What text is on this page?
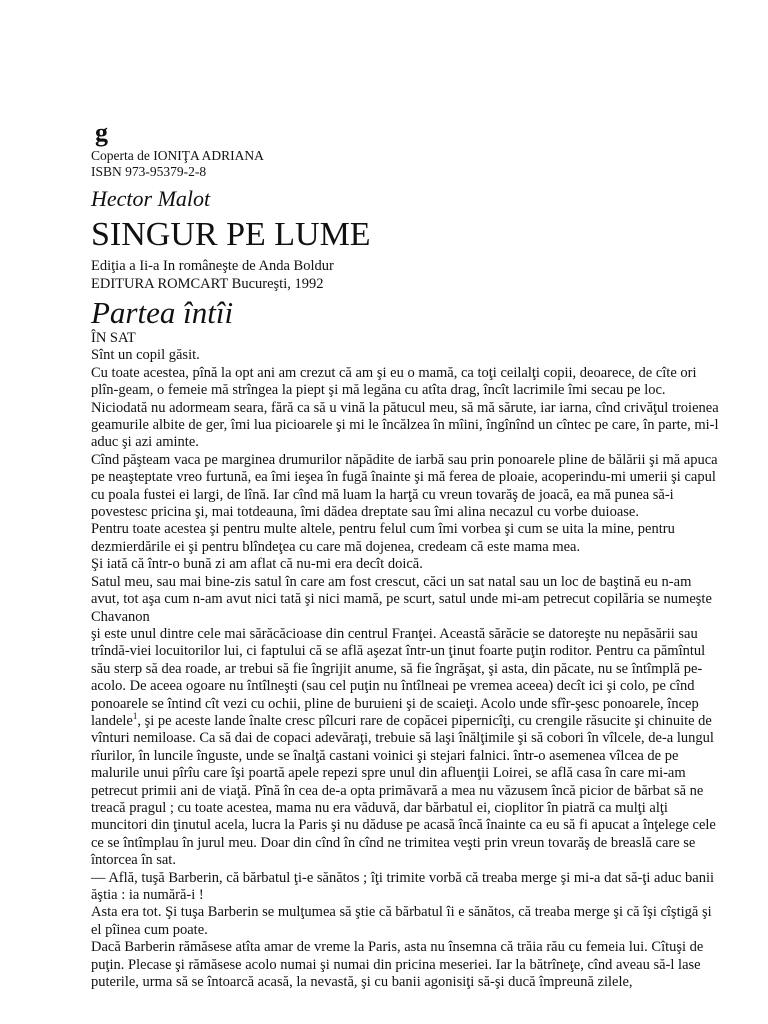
g
Coperta de IONIŢA ADRIANA
ISBN 973-95379-2-8
Hector Malot
SINGUR PE LUME
Ediţia a Ii-a In româneşte de Anda Boldur
EDITURA ROMCART Bucureşti, 1992
Partea întîi

ÎN SAT

Sînt un copil găsit.

Cu toate acestea, pînă la opt ani am crezut că am şi eu o mamă, ca toţi ceilalţi copii, deoarece, de cîte ori plîn-geam, o femeie mă strîngea la piept şi mă legăna cu atîta drag, încît lacrimile îmi secau pe loc. Niciodată nu adormeam seara, fără ca să u vină la pătucul meu, să mă sărute, iar iarna, cînd crivăţul troienea geamurile albite de ger, îmi lua picioarele şi mi le încălzea în mîini, îngînînd un cîntec pe care, în parte, mi-l aduc şi azi aminte.

Cînd păşteam vaca pe marginea drumurilor năpădite de iarbă sau prin ponoarele pline de bălării şi mă apuca pe neaşteptate vreo furtună, ea îmi ieşea în fugă înainte şi mă ferea de ploaie, acoperindu-mi umerii şi capul cu poala fustei ei largi, de lînă. Iar cînd mă luam la harţă cu vreun tovarăş de joacă, ea mă punea să-i povestesc pricina şi, mai totdeauna, îmi dădea dreptate sau îmi alina necazul cu vorbe duioase.

Pentru toate acestea şi pentru multe altele, pentru felul cum îmi vorbea şi cum se uita la mine, pentru dezmierdările ei şi pentru blîndeţea cu care mă dojenea, credeam că este mama mea.

Şi iată că într-o bună zi am aflat că nu-mi era decît doică.

Satul meu, sau mai bine-zis satul în care am fost crescut, căci un sat natal sau un loc de baştină eu n-am avut, tot aşa cum n-am avut nici tată şi nici mamă, pe scurt, satul unde mi-am petrecut copilăria se numeşte Chavanon

şi este unul dintre cele mai sărăcăcioase din centrul Franţei. Această sărăcie se datoreşte nu nepăsării sau trîndă-viei locuitorilor lui, ci faptului că se află aşezat într-un ţinut foarte puţin roditor. Pentru ca pămîntul său sterp să dea roade, ar trebui să fie îngrijit anume, să fie îngrăşat, şi asta, din păcate, nu se întîmplă pe-acolo. De aceea ogoare nu întîlneşti (sau cel puţin nu întîlneai pe vremea aceea) decît ici şi colo, pe cînd ponoarele se întind cît vezi cu ochii, pline de buruieni şi de scaieţi. Acolo unde sfîr-şesc ponoarele, încep landele$^1$, şi pe aceste lande înalte cresc pîlcuri rare de copăcei pipernicîţi, cu crengile răsucite şi chinuite de vînturi nemiloase. Ca să dai de copaci adevăraţi, trebuie să laşi înălţimile şi să cobori în vîlcele, de-a lungul rîurilor, în luncile înguste, unde se înalţă castani voinici şi stejari falnici. într-o asemenea vîlcea de pe malurile unui pîrîu care îşi poartă apele repezi spre unul din afluenţii Loirei, se află casa în care mi-am petrecut primii ani de viaţă. Pînă în cea de-a opta primăvară a mea nu văzusem încă picior de bărbat să ne treacă pragul ; cu toate acestea, mama nu era văduvă, dar bărbatul ei, cioplitor în piatră ca mulţi alţi muncitori din ţinutul acela, lucra la Paris şi nu dăduse pe acasă încă înainte ca eu să fi apucat a înţelege cele ce se întîmplau în jurul meu. Doar din cînd în cînd ne trimitea veşti prin vreun tovarăş de breaslă care se întorcea în sat.

— Află, tuşă Barberin, că bărbatul ţi-e sănătos ; îţi trimite vorbă că treaba merge şi mi-a dat să-ţi aduc banii ăştia : ia numără-i !

Asta era tot. Şi tuşa Barberin se mulţumea să ştie că bărbatul îi e sănătos, că treaba merge şi că îşi cîştigă şi el pîinea cum poate.

Dacă Barberin rămăsese atîta amar de vreme la Paris, asta nu însemna că trăia rău cu femeia lui. Cîtuşi de puţin. Plecase şi rămăsese acolo numai şi numai din pricina meseriei. Iar la bătrîneţe, cînd aveau să-l lase puterile, urma să se întoarcă acasă, la nevastă, şi cu banii agonisiţi să-şi ducă împreună zilele,
